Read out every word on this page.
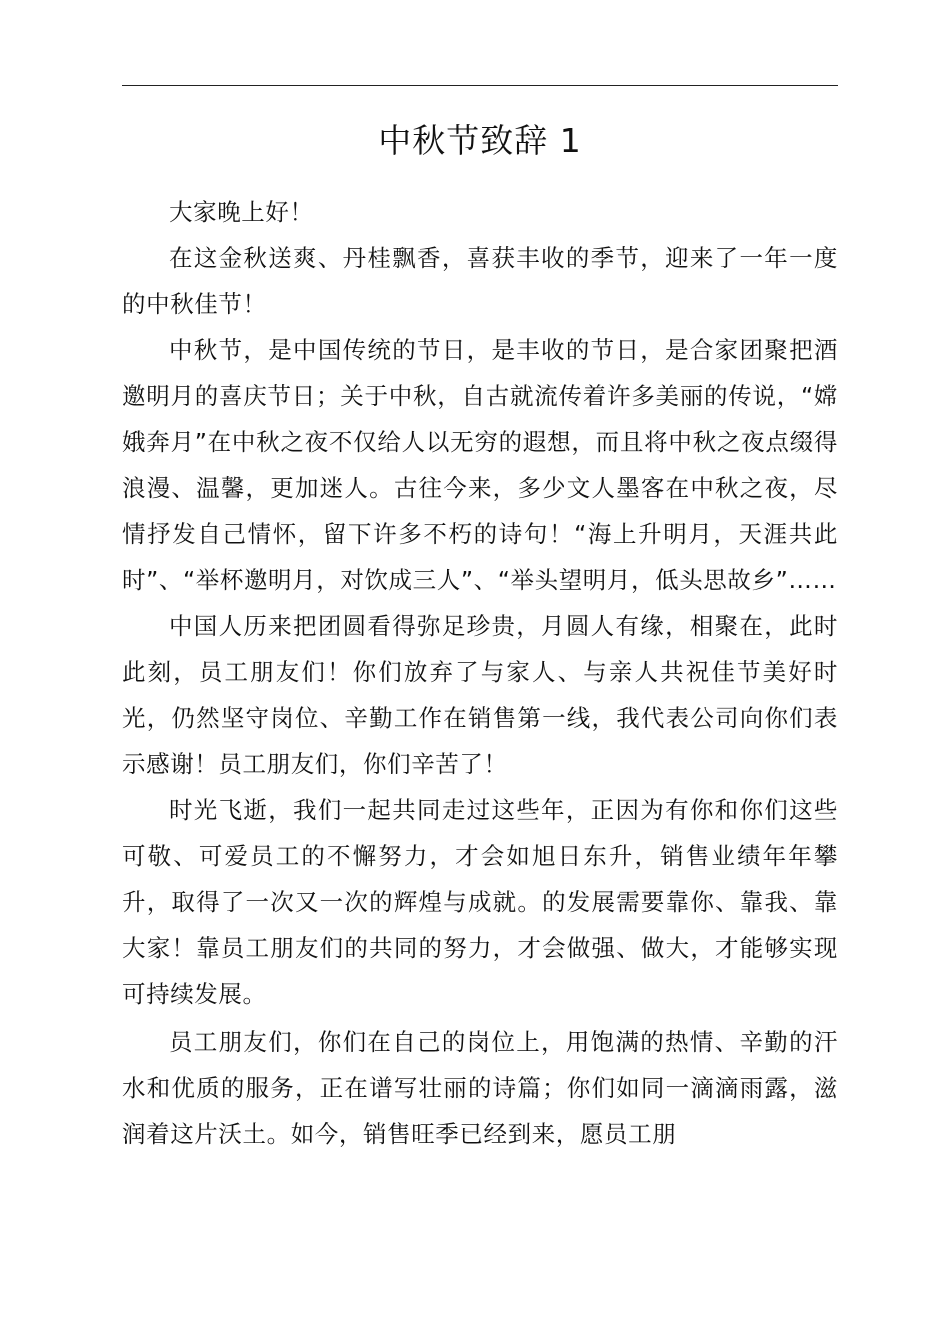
中秋节致辞 1

大家晚上好！

在这金秋送爽、丹桂飘香，喜获丰收的季节，迎来了一年一度的中秋佳节！

中秋节，是中国传统的节日，是丰收的节日，是合家团聚把酒邀明月的喜庆节日；关于中秋，自古就流传着许多美丽的传说，“嫦娥奔月”在中秋之夜不仅给人以无穷的遐想，而且将中秋之夜点缀得浪漫、温馨，更加迷人。古往今来，多少文人墨客在中秋之夜，尽情抒发自己情怀，留下许多不朽的诗句！“海上升明月，天涯共此时”、“举杯邀明月，对饮成三人”、“举头望明月，低头思故乡”……

中国人历来把团圆看得弥足珍贵，月圆人有缘，相聚在，此时此刻，员工朋友们！你们放弃了与家人、与亲人共祝佳节美好时光，仍然坚守岗位、辛勤工作在销售第一线，我代表公司向你们表示感谢！员工朋友们，你们辛苦了！

时光飞逝，我们一起共同走过这些年，正因为有你和你们这些可敬、可爱员工的不懈努力，才会如旭日东升，销售业绩年年攀升，取得了一次又一次的辉煌与成就。的发展需要靠你、靠我、靠大家！靠员工朋友们的共同的努力，才会做强、做大，才能够实现可持续发展。

员工朋友们，你们在自己的岗位上，用饱满的热情、辛勤的汗水和优质的服务，正在谱写壮丽的诗篇；你们如同一滴滴雨露，滋润着这片沃土。如今，销售旺季已经到来，愿员工朋
